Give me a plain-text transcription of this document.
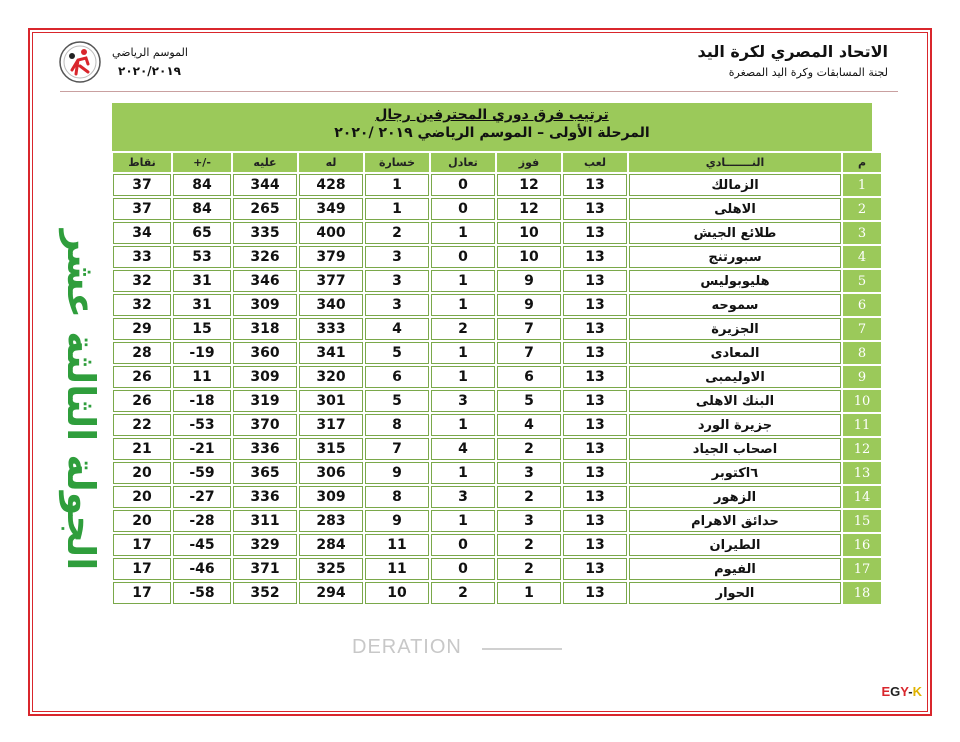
الاتحاد المصري لكرة اليد
لجنة المسابقات وكرة اليد المصغرة
الموسم الرياضي
٢٠٢٠/٢٠١٩
الجولة الثالثة عشر
ترتيب فرق دوري المحترفين رجال
المرحلة الأولى – الموسم الرياضي ٢٠١٩ /٢٠٢٠
م	النـــــــادي	لعب	فوز	تعادل	خسارة	له	عليه	-/+	نقاط
1	الزمالك	13	12	0	1	428	344	84	37
2	الاهلى	13	12	0	1	349	265	84	37
3	طلائع الجيش	13	10	1	2	400	335	65	34
4	سبورتنج	13	10	0	3	379	326	53	33
5	هليوبوليس	13	9	1	3	377	346	31	32
6	سموحه	13	9	1	3	340	309	31	32
7	الجزيرة	13	7	2	4	333	318	15	29
8	المعادى	13	7	1	5	341	360	19-	28
9	الاوليمبى	13	6	1	6	320	309	11	26
10	البنك الاهلى	13	5	3	5	301	319	18-	26
11	جزيرة الورد	13	4	1	8	317	370	53-	22
12	اصحاب الجياد	13	2	4	7	315	336	21-	21
13	٦اكتوبر	13	3	1	9	306	365	59-	20
14	الزهور	13	2	3	8	309	336	27-	20
15	حدائق الاهرام	13	3	1	9	283	311	28-	20
16	الطيران	13	2	0	11	284	329	45-	17
17	الفيوم	13	2	0	11	325	371	46-	17
18	الحوار	13	1	2	10	294	352	58-	17
DERATION
EGY-K
